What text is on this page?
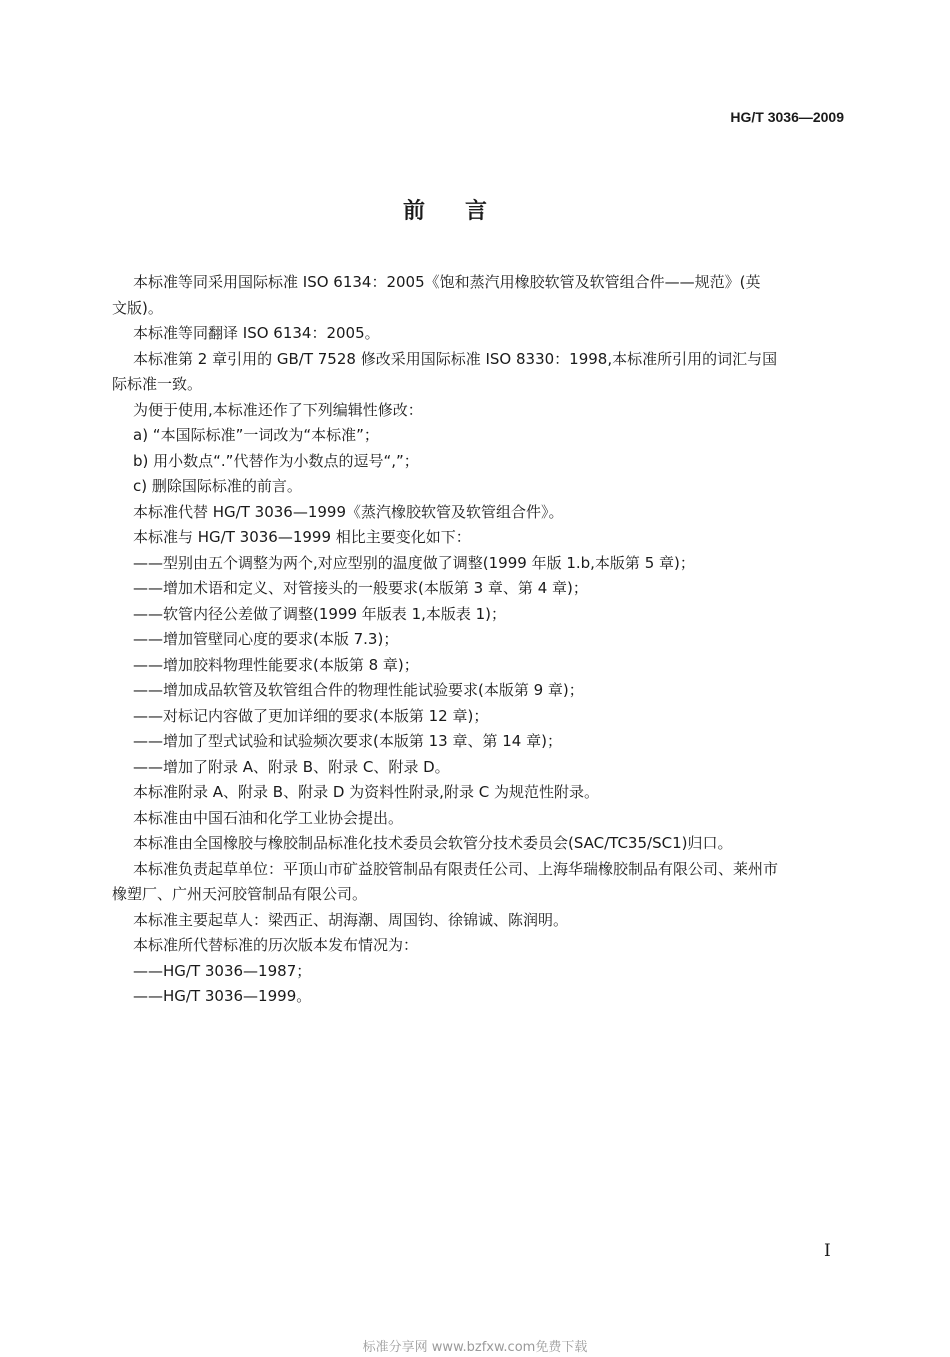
HG/T 3036—2009
前言
本标准等同采用国际标准 ISO 6134：2005《饱和蒸汽用橡胶软管及软管组合件——规范》(英
文版)。
本标准等同翻译 ISO 6134：2005。
本标准第 2 章引用的 GB/T 7528 修改采用国际标准 ISO 8330：1998,本标准所引用的词汇与国
际标准一致。
为便于使用,本标准还作了下列编辑性修改：
a) “本国际标准”一词改为“本标准”；
b) 用小数点“.”代替作为小数点的逗号“,”；
c) 删除国际标准的前言。
本标准代替 HG/T 3036—1999《蒸汽橡胶软管及软管组合件》。
本标准与 HG/T 3036—1999 相比主要变化如下：
——型别由五个调整为两个,对应型别的温度做了调整(1999 年版 1.b,本版第 5 章)；
——增加术语和定义、对管接头的一般要求(本版第 3 章、第 4 章)；
——软管内径公差做了调整(1999 年版表 1,本版表 1)；
——增加管壁同心度的要求(本版 7.3)；
——增加胶料物理性能要求(本版第 8 章)；
——增加成品软管及软管组合件的物理性能试验要求(本版第 9 章)；
——对标记内容做了更加详细的要求(本版第 12 章)；
——增加了型式试验和试验频次要求(本版第 13 章、第 14 章)；
——增加了附录 A、附录 B、附录 C、附录 D。
本标准附录 A、附录 B、附录 D 为资料性附录,附录 C 为规范性附录。
本标准由中国石油和化学工业协会提出。
本标准由全国橡胶与橡胶制品标准化技术委员会软管分技术委员会(SAC/TC35/SC1)归口。
本标准负责起草单位：平顶山市矿益胶管制品有限责任公司、上海华瑞橡胶制品有限公司、莱州市
橡塑厂、广州天河胶管制品有限公司。
本标准主要起草人：梁西正、胡海潮、周国钧、徐锦诚、陈润明。
本标准所代替标准的历次版本发布情况为：
——HG/T 3036—1987；
——HG/T 3036—1999。
I
标准分享网 www.bzfxw.com免费下载
